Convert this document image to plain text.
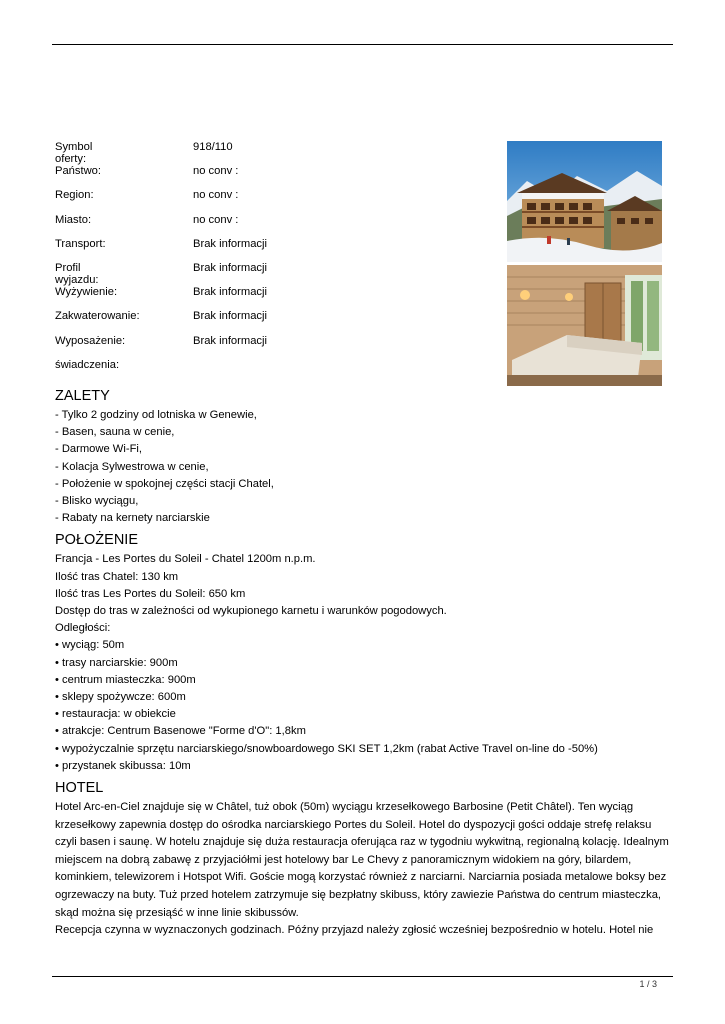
Symbol oferty:
918/110
Państwo:	no conv :
Region:	no conv :
Miasto:	no conv :
Transport:	Brak informacji
Profil wyjazdu:
Brak informacji
Wyżywienie:	Brak informacji
Zakwaterowanie:	Brak informacji
Wyposażenie:	Brak informacji
świadczenia:
ZALETY
- Tylko 2 godziny od lotniska w Genewie,
- Basen, sauna w cenie,
- Darmowe Wi-Fi,
- Kolacja Sylwestrowa w cenie,
- Położenie w spokojnej części stacji Chatel,
- Blisko wyciągu,
- Rabaty na kernety narciarskie
POŁOŻENIE
Francja - Les Portes du Soleil - Chatel 1200m n.p.m.
Ilość tras Chatel: 130 km
Ilość tras Les Portes du Soleil: 650 km
Dostęp do tras w zależności od wykupionego karnetu i warunków pogodowych.
Odległości:
• wyciąg: 50m
• trasy narciarskie: 900m
• centrum miasteczka: 900m
• sklepy spożywcze: 600m
• restauracja: w obiekcie
• atrakcje: Centrum Basenowe "Forme d'O": 1,8km
• wypożyczalnie sprzętu narciarskiego/snowboardowego SKI SET 1,2km (rabat Active Travel on-line do -50%)
• przystanek skibussa: 10m
HOTEL
Hotel Arc-en-Ciel znajduje się w Châtel, tuż obok (50m) wyciągu krzesełkowego Barbosine (Petit Châtel). Ten wyciąg krzesełkowy zapewnia dostęp do ośrodka narciarskiego Portes du Soleil. Hotel do dyspozycji gości oddaje strefę relaksu czyli basen i saunę. W hotelu znajduje się duża restauracja oferująca raz w tygodniu wykwitną, regionalną kolację. Idealnym miejscem na dobrą zabawę z przyjaciółmi jest hotelowy bar Le Chevy z panoramicznym widokiem na góry, bilardem, kominkiem, telewizorem i Hotspot Wifi. Goście mogą korzystać również z narciarni. Narciarnia posiada metalowe boksy bez ogrzewaczy na buty. Tuż przed hotelem zatrzymuje się bezpłatny skibuss, który zawiezie Państwa do centrum miasteczka, skąd można się przesiąść w inne linie skibussów.
Recepcja czynna w wyznaczonych godzinach. Późny przyjazd należy zgłosić wcześniej bezpośrednio w hotelu. Hotel nie
1 / 3
